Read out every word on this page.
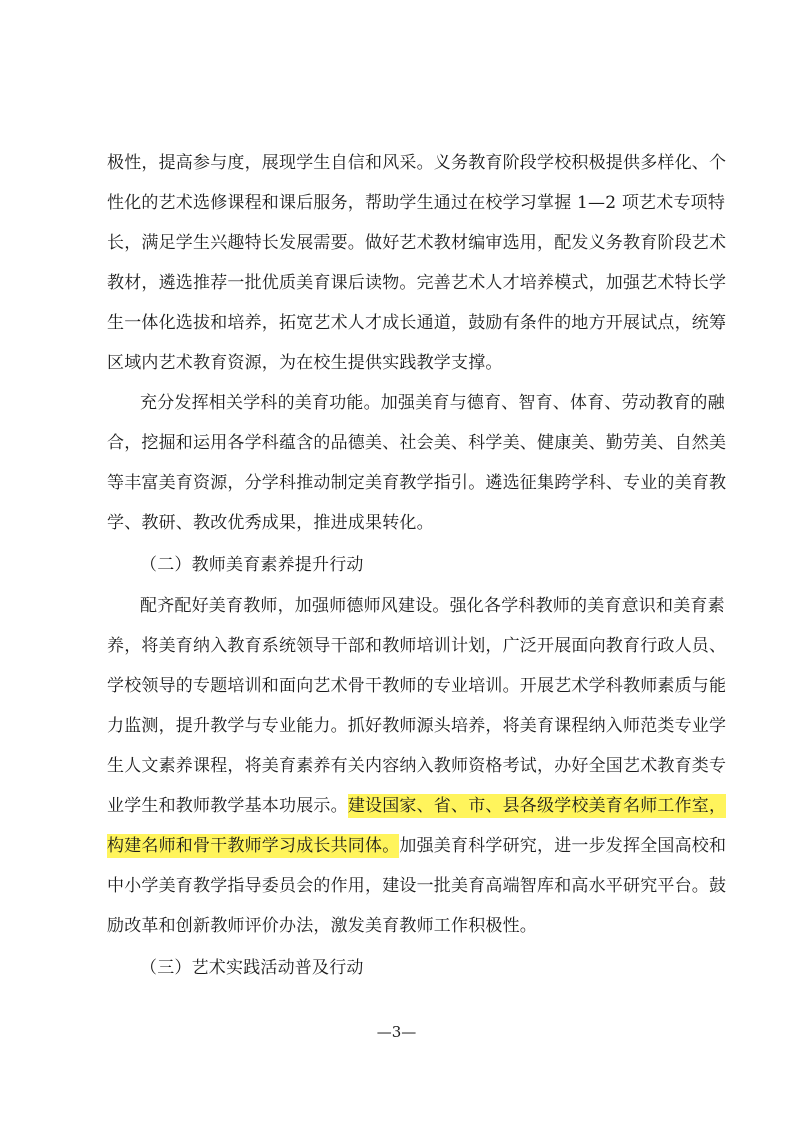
极性，提高参与度，展现学生自信和风采。义务教育阶段学校积极提供多样化、个
性化的艺术选修课程和课后服务，帮助学生通过在校学习掌握 1—2 项艺术专项特
长，满足学生兴趣特长发展需要。做好艺术教材编审选用，配发义务教育阶段艺术
教材，遴选推荐一批优质美育课后读物。完善艺术人才培养模式，加强艺术特长学
生一体化选拔和培养，拓宽艺术人才成长通道，鼓励有条件的地方开展试点，统筹
区域内艺术教育资源，为在校生提供实践教学支撑。
充分发挥相关学科的美育功能。加强美育与德育、智育、体育、劳动教育的融
合，挖掘和运用各学科蕴含的品德美、社会美、科学美、健康美、勤劳美、自然美
等丰富美育资源，分学科推动制定美育教学指引。遴选征集跨学科、专业的美育教
学、教研、教改优秀成果，推进成果转化。
（二）教师美育素养提升行动
配齐配好美育教师，加强师德师风建设。强化各学科教师的美育意识和美育素
养，将美育纳入教育系统领导干部和教师培训计划，广泛开展面向教育行政人员、
学校领导的专题培训和面向艺术骨干教师的专业培训。开展艺术学科教师素质与能
力监测，提升教学与专业能力。抓好教师源头培养，将美育课程纳入师范类专业学
生人文素养课程，将美育素养有关内容纳入教师资格考试，办好全国艺术教育类专
业学生和教师教学基本功展示。建设国家、省、市、县各级学校美育名师工作室，
构建名师和骨干教师学习成长共同体。加强美育科学研究，进一步发挥全国高校和
中小学美育教学指导委员会的作用，建设一批美育高端智库和高水平研究平台。鼓
励改革和创新教师评价办法，激发美育教师工作积极性。
（三）艺术实践活动普及行动
—3—
